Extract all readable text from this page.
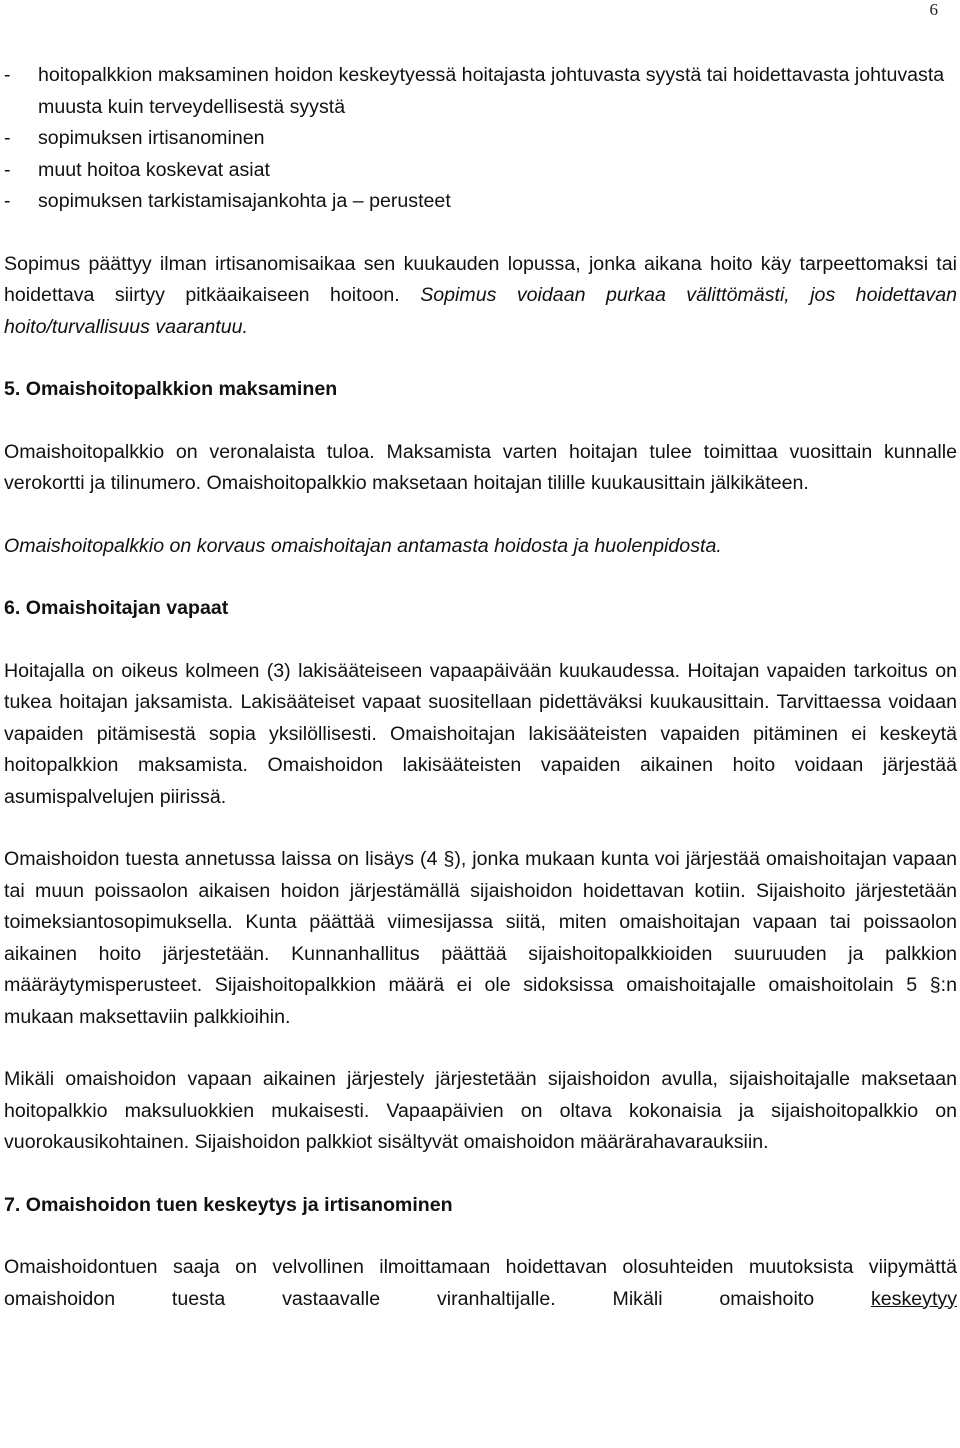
6
- hoitopalkkion maksaminen hoidon keskeytyessä hoitajasta johtuvasta syystä tai hoidettavasta johtuvasta muusta kuin terveydellisestä syystä
- sopimuksen irtisanominen
- muut hoitoa koskevat asiat
- sopimuksen tarkistamisajankohta ja – perusteet

Sopimus päättyy ilman irtisanomisaikaa sen kuukauden lopussa, jonka aikana hoito käy tarpeettomaksi tai hoidettava siirtyy pitkäaikaiseen hoitoon. Sopimus voidaan purkaa välittömästi, jos hoidettavan hoito/turvallisuus vaarantuu.

5. Omaishoitopalkkion maksaminen

Omaishoitopalkkio on veronalaista tuloa. Maksamista varten hoitajan tulee toimittaa vuosittain kunnalle verokortti ja tilinumero. Omaishoitopalkkio maksetaan hoitajan tilille kuukausittain jälkikäteen.

Omaishoitopalkkio on korvaus omaishoitajan antamasta hoidosta ja huolenpidosta.

6. Omaishoitajan vapaat

Hoitajalla on oikeus kolmeen (3) lakisääteiseen vapaapäivään kuukaudessa. Hoitajan vapaiden tarkoitus on tukea hoitajan jaksamista. Lakisääteiset vapaat suositellaan pidettäväksi kuukausittain. Tarvittaessa voidaan vapaiden pitämisestä sopia yksilöllisesti. Omaishoitajan lakisääteisten vapaiden pitäminen ei keskeytä hoitopalkkion maksamista. Omaishoidon lakisääteisten vapaiden aikainen hoito voidaan järjestää asumispalvelujen piirissä.

Omaishoidon tuesta annetussa laissa on lisäys (4 §), jonka mukaan kunta voi järjestää omaishoitajan vapaan tai muun poissaolon aikaisen hoidon järjestämällä sijaishoidon hoidettavan kotiin. Sijaishoito järjestetään toimeksiantosopimuksella. Kunta päättää viimesijassa siitä, miten omaishoitajan vapaan tai poissaolon aikainen hoito järjestetään. Kunnanhallitus päättää sijaishoitopalkkioiden suuruuden ja palkkion määräytymisperusteet. Sijaishoitopalkkion määrä ei ole sidoksissa omaishoitajalle omaishoitolain 5 §:n mukaan maksettaviin palkkioihin.

Mikäli omaishoidon vapaan aikainen järjestely järjestetään sijaishoidon avulla, sijaishoitajalle maksetaan hoitopalkkio maksuluokkien mukaisesti. Vapaapäivien on oltava kokonaisia ja sijaishoitopalkkio on vuorokausikohtainen. Sijaishoidon palkkiot sisältyvät omaishoidon määrärahavarauksiin.

7. Omaishoidon tuen keskeytys ja irtisanominen

Omaishoidontuen saaja on velvollinen ilmoittamaan hoidettavan olosuhteiden muutoksista viipymättä omaishoidon tuesta vastaavalle viranhaltijalle. Mikäli omaishoito	keskeytyy
